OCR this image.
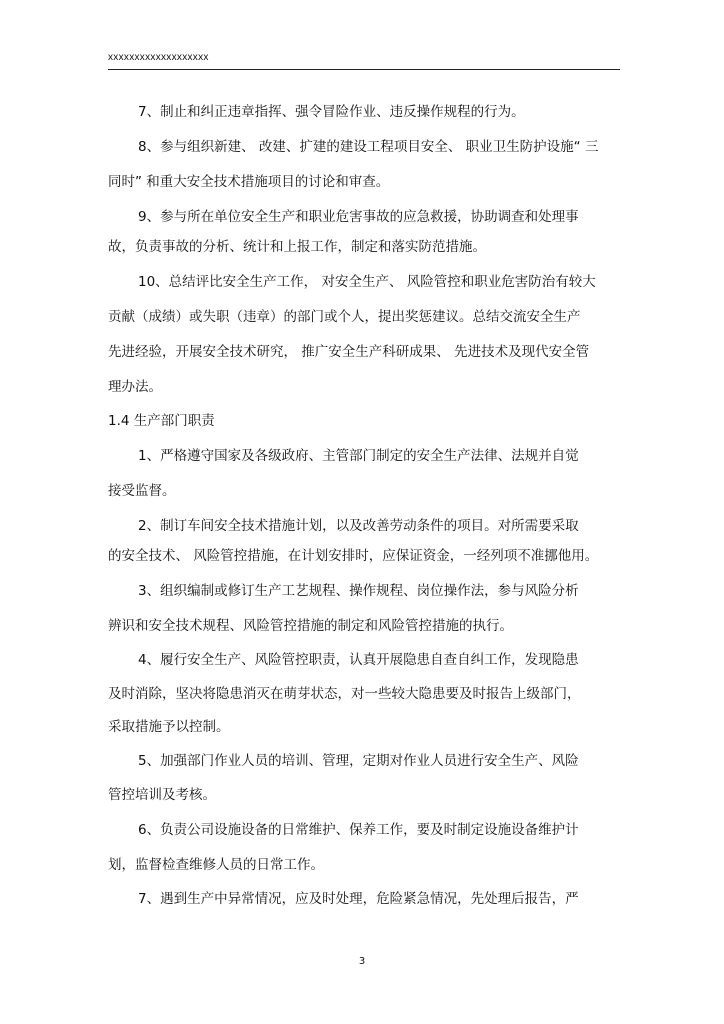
xxxxxxxxxxxxxxxxxxx
7、制止和纠正违章指挥、强令冒险作业、违反操作规程的行为。
8、参与组织新建、 改建、扩建的建设工程项目安全、 职业卫生防护设施“ 三
同时” 和重大安全技术措施项目的讨论和审查。
9、参与所在单位安全生产和职业危害事故的应急救援，协助调查和处理事
故，负责事故的分析、统计和上报工作，制定和落实防范措施。
10、总结评比安全生产工作， 对安全生产、 风险管控和职业危害防治有较大
贡献（成绩）或失职（违章）的部门或个人，提出奖惩建议。总结交流安全生产
先进经验，开展安全技术研究， 推广安全生产科研成果、 先进技术及现代安全管
理办法。
1.4 生产部门职责
1、严格遵守国家及各级政府、主管部门制定的安全生产法律、法规并自觉
接受监督。
2、制订车间安全技术措施计划，以及改善劳动条件的项目。对所需要采取
的安全技术、 风险管控措施，在计划安排时，应保证资金，一经列项不准挪他用。
3、组织编制或修订生产工艺规程、操作规程、岗位操作法，参与风险分析
辨识和安全技术规程、风险管控措施的制定和风险管控措施的执行。
4、履行安全生产、风险管控职责，认真开展隐患自查自纠工作，发现隐患
及时消除，坚决将隐患消灭在萌芽状态，对一些较大隐患要及时报告上级部门，
采取措施予以控制。
5、加强部门作业人员的培训、管理，定期对作业人员进行安全生产、风险
管控培训及考核。
6、负责公司设施设备的日常维护、保养工作，要及时制定设施设备维护计
划，监督检查维修人员的日常工作。
7、遇到生产中异常情况，应及时处理，危险紧急情况，先处理后报告，严
3
